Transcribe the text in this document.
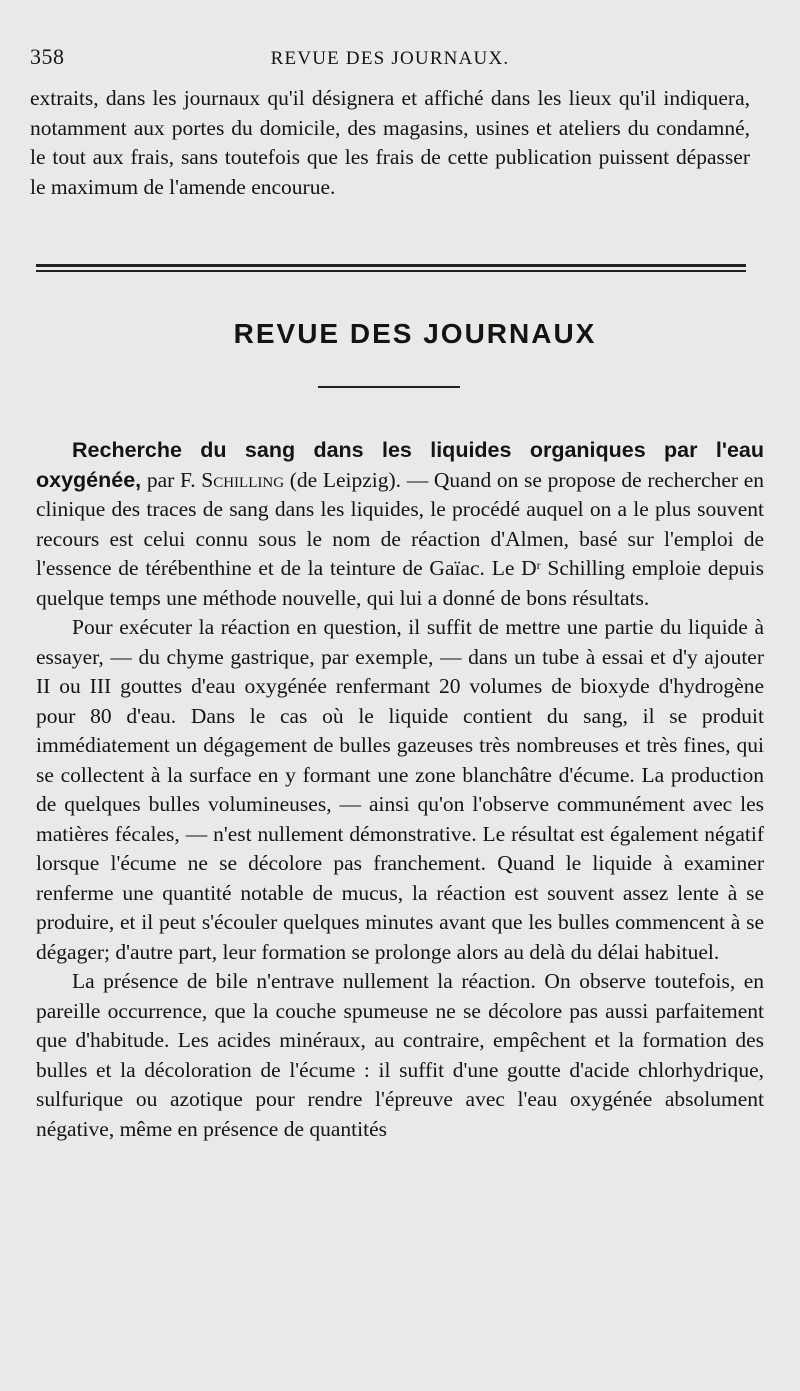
358	REVUE DES JOURNAUX.

extraits, dans les journaux qu'il désignera et affiché dans les lieux qu'il indiquera, notamment aux portes du domicile, des magasins, usines et ateliers du condamné, le tout aux frais, sans toutefois que les frais de cette publication puissent dépasser le maximum de l'amende encourue.

REVUE DES JOURNAUX

Recherche du sang dans les liquides organiques par l'eau oxygénée, par F. Schilling (de Leipzig). — Quand on se propose de rechercher en clinique des traces de sang dans les liquides, le procédé auquel on a le plus souvent recours est celui connu sous le nom de réaction d'Almen, basé sur l'emploi de l'essence de térébenthine et de la teinture de Gaïac. Le $D^r$ Schilling emploie depuis quelque temps une méthode nouvelle, qui lui a donné de bons résultats.

Pour exécuter la réaction en question, il suffit de mettre une partie du liquide à essayer, — du chyme gastrique, par exemple, — dans un tube à essai et d'y ajouter II ou III gouttes d'eau oxygénée renfermant 20 volumes de bioxyde d'hydrogène pour 80 d'eau. Dans le cas où le liquide contient du sang, il se produit immédiatement un dégagement de bulles gazeuses très nombreuses et très fines, qui se collectent à la surface en y formant une zone blanchâtre d'écume. La production de quelques bulles volumineuses, — ainsi qu'on l'observe communément avec les matières fécales, — n'est nullement démonstrative. Le résultat est également négatif lorsque l'écume ne se décolore pas franchement. Quand le liquide à examiner renferme une quantité notable de mucus, la réaction est souvent assez lente à se produire, et il peut s'écouler quelques minutes avant que les bulles commencent à se dégager; d'autre part, leur formation se prolonge alors au delà du délai habituel.

La présence de bile n'entrave nullement la réaction. On observe toutefois, en pareille occurrence, que la couche spumeuse ne se décolore pas aussi parfaitement que d'habitude. Les acides minéraux, au contraire, empêchent et la formation des bulles et la décoloration de l'écume : il suffit d'une goutte d'acide chlorhydrique, sulfurique ou azotique pour rendre l'épreuve avec l'eau oxygénée absolument négative, même en présence de quantités
